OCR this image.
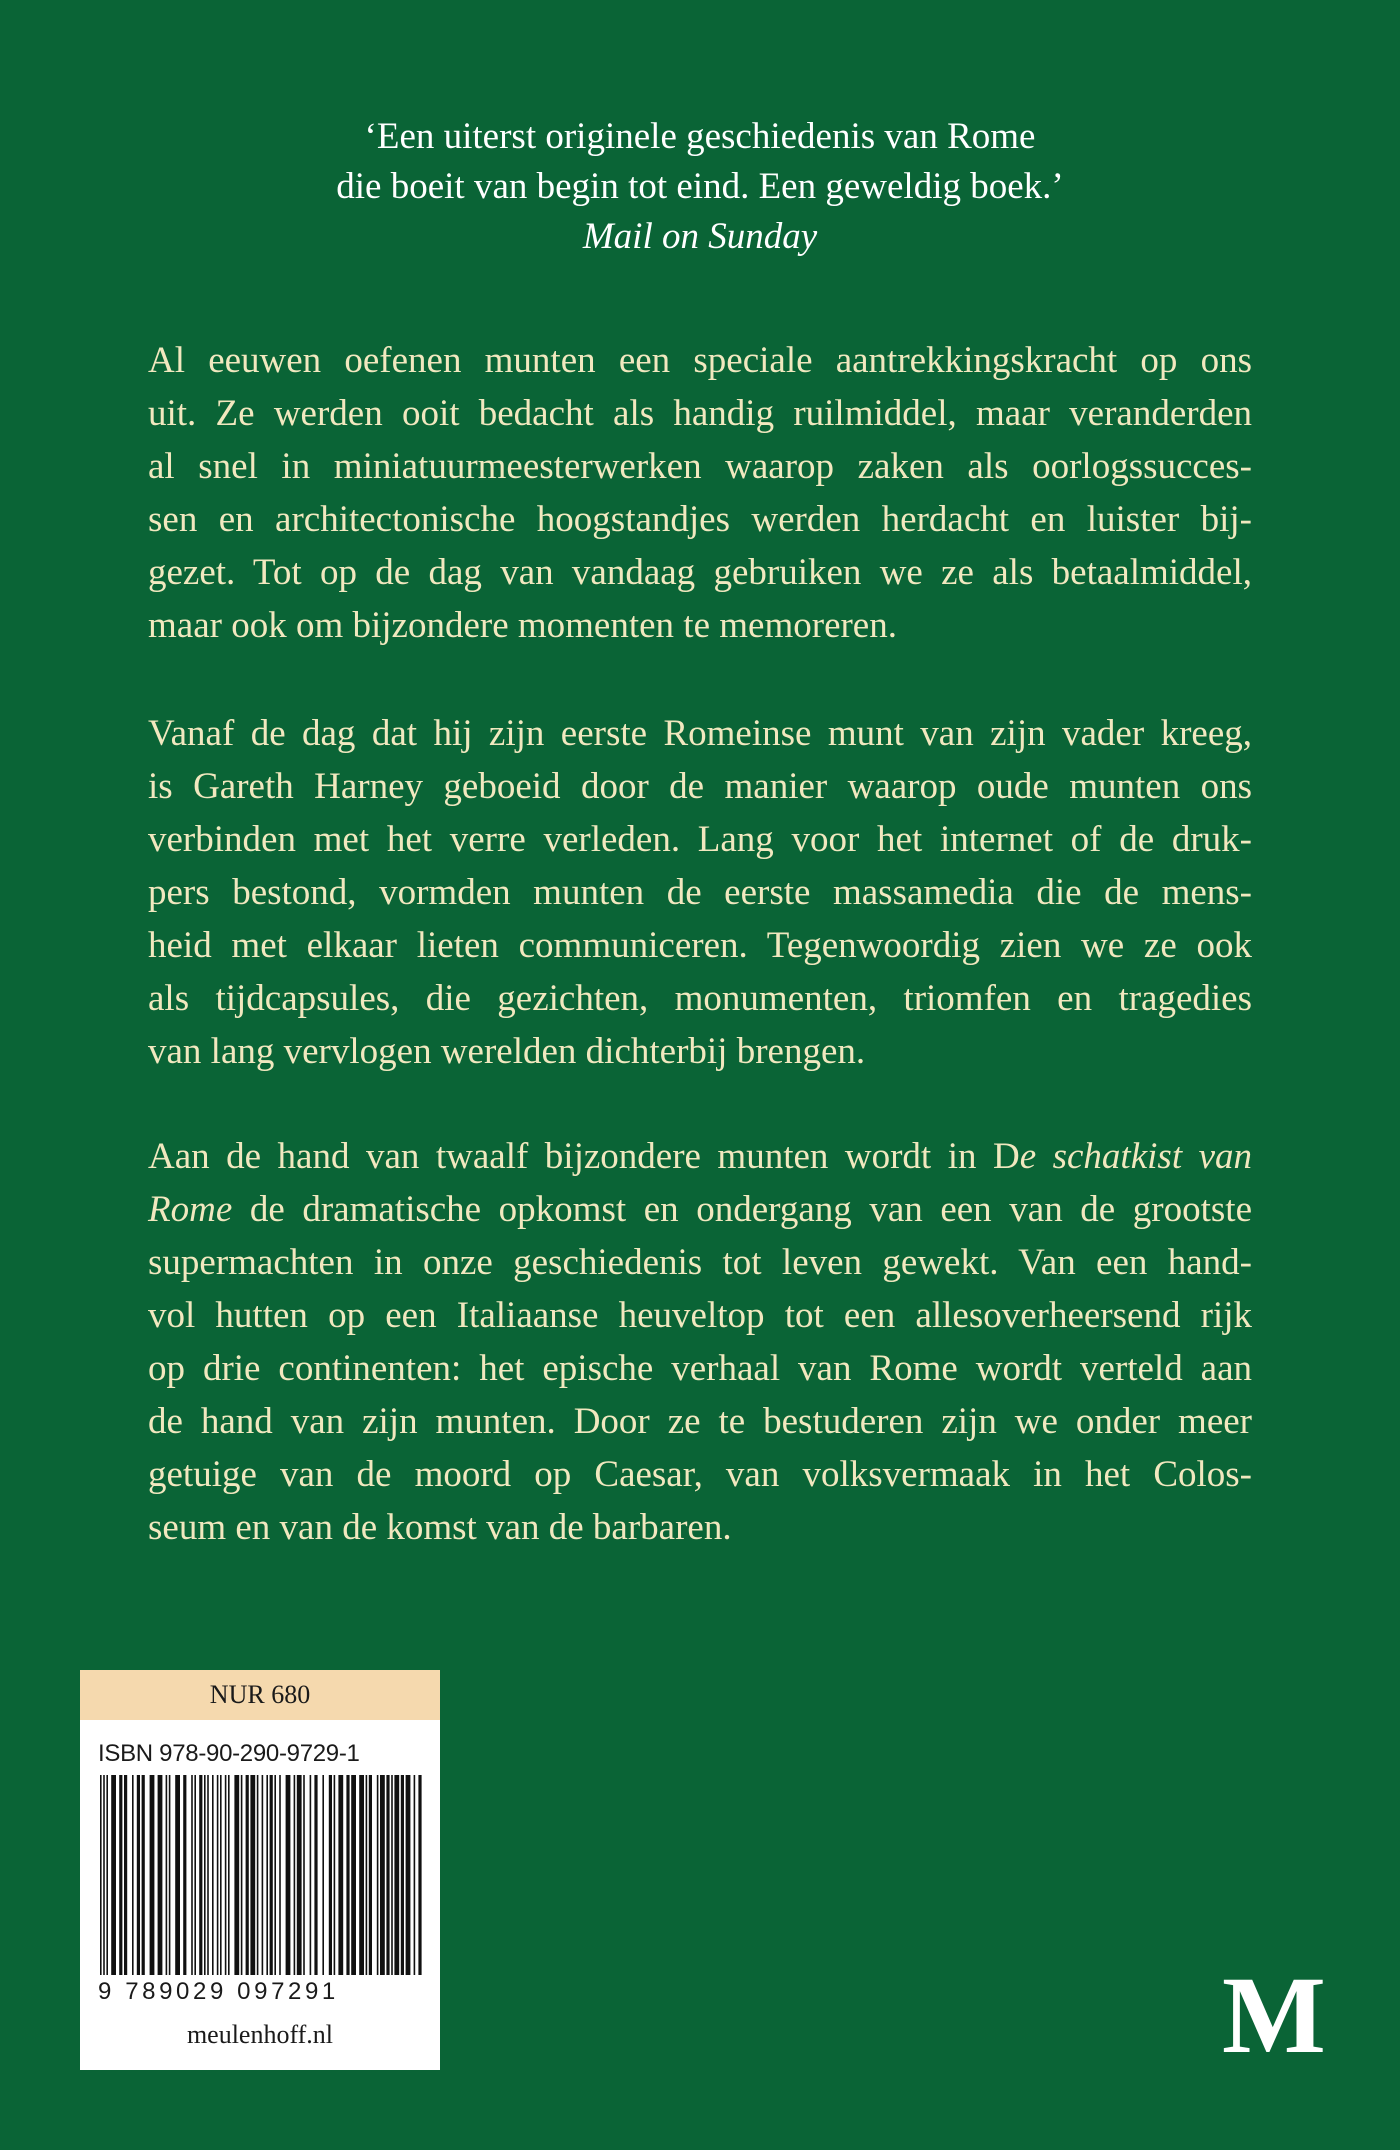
‘Een uiterst originele geschiedenis van Rome
die boeit van begin tot eind. Een geweldig boek.’
Mail on Sunday
Al eeuwen oefenen munten een speciale aantrekkingskracht op ons
uit. Ze werden ooit bedacht als handig ruilmiddel, maar veranderden
al snel in miniatuurmeesterwerken waarop zaken als oorlogssucces-
sen en architectonische hoogstandjes werden herdacht en luister bij-
gezet. Tot op de dag van vandaag gebruiken we ze als betaalmiddel,
maar ook om bijzondere momenten te memoreren.
Vanaf de dag dat hij zijn eerste Romeinse munt van zijn vader kreeg,
is Gareth Harney geboeid door de manier waarop oude munten ons
verbinden met het verre verleden. Lang voor het internet of de druk-
pers bestond, vormden munten de eerste massamedia die de mens-
heid met elkaar lieten communiceren. Tegenwoordig zien we ze ook
als tijdcapsules, die gezichten, monumenten, triomfen en tragedies
van lang vervlogen werelden dichterbij brengen.
Aan de hand van twaalf bijzondere munten wordt in De schatkist van
Rome de dramatische opkomst en ondergang van een van de grootste
supermachten in onze geschiedenis tot leven gewekt. Van een hand-
vol hutten op een Italiaanse heuveltop tot een allesoverheersend rijk
op drie continenten: het epische verhaal van Rome wordt verteld aan
de hand van zijn munten. Door ze te bestuderen zijn we onder meer
getuige van de moord op Caesar, van volksvermaak in het Colos-
seum en van de komst van de barbaren.
NUR 680
ISBN 978-90-290-9729-1
9 789029 097291
meulenhoff.nl	M
